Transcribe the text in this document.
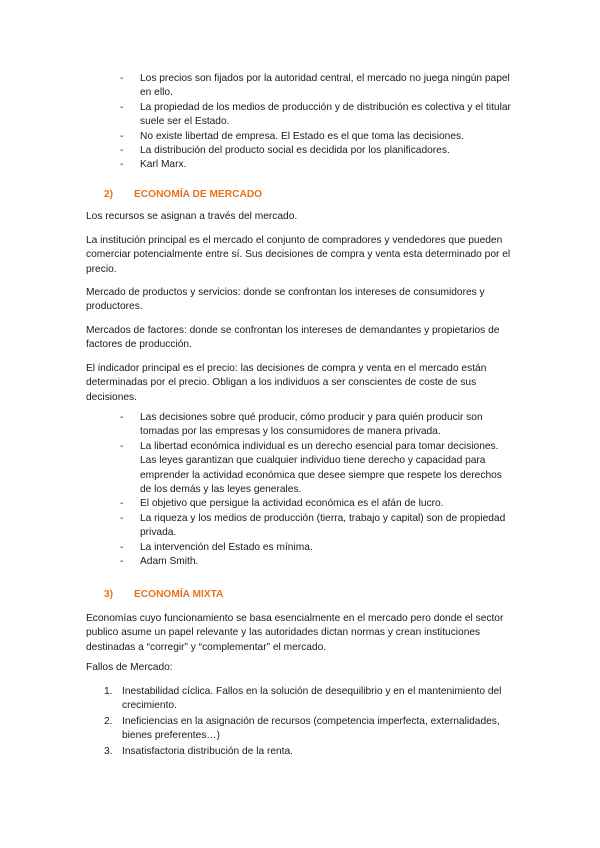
- Los precios son fijados por la autoridad central, el mercado no juega ningún papel en ello.
- La propiedad de los medios de producción y de distribución es colectiva y el titular suele ser el Estado.
- No existe libertad de empresa. El Estado es el que toma las decisiones.
- La distribución del producto social es decidida por los planificadores.
- Karl Marx.
2) ECONOMÍA DE MERCADO

Los recursos se asignan a través del mercado.

La institución principal es el mercado el conjunto de compradores y vendedores que pueden comerciar potencialmente entre sí. Sus decisiones de compra y venta esta determinado por el precio.

Mercado de productos y servicios: donde se confrontan los intereses de consumidores y productores.

Mercados de factores: donde se confrontan los intereses de demandantes y propietarios de factores de producción.

El indicador principal es el precio: las decisiones de compra y venta en el mercado están determinadas por el precio. Obligan a los individuos a ser conscientes de coste de sus decisiones.

- Las decisiones sobre qué producir, cómo producir y para quién producir son tomadas por las empresas y los consumidores de manera privada.
- La libertad económica individual es un derecho esencial para tomar decisiones. Las leyes garantizan que cualquier individuo tiene derecho y capacidad para emprender la actividad económica que desee siempre que respete los derechos de los demás y las leyes generales.
- El objetivo que persigue la actividad económica es el afán de lucro.
- La riqueza y los medios de producción (tierra, trabajo y capital) son de propiedad privada.
- La intervención del Estado es mínima.
- Adam Smith.
3) ECONOMÍA MIXTA

Economías cuyo funcionamiento se basa esencialmente en el mercado pero donde el sector publico asume un papel relevante y las autoridades dictan normas y crean instituciones destinadas a “corregir” y “complementar” el mercado.

Fallos de Mercado:

1. Inestabilidad cíclica. Fallos en la solución de desequilibrio y en el mantenimiento del crecimiento.
2. Ineficiencias en la asignación de recursos (competencia imperfecta, externalidades, bienes preferentes…)
3. Insatisfactoria distribución de la renta.
